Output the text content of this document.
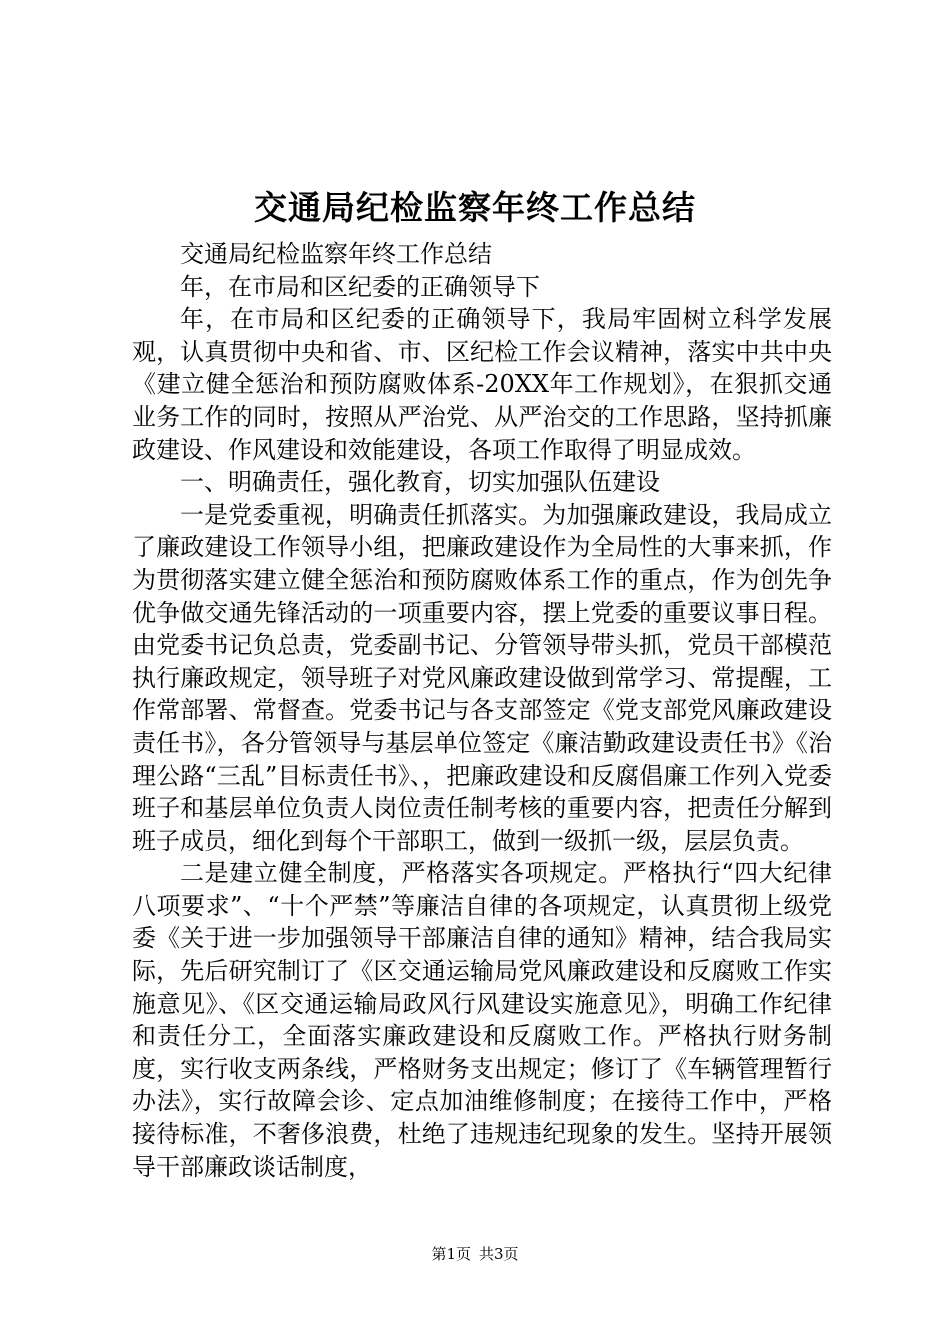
交通局纪检监察年终工作总结

交通局纪检监察年终工作总结

年，在市局和区纪委的正确领导下

年，在市局和区纪委的正确领导下，我局牢固树立科学发展观，认真贯彻中央和省、市、区纪检工作会议精神，落实中共中央《建立健全惩治和预防腐败体系-20XX年工作规划》，在狠抓交通业务工作的同时，按照从严治党、从严治交的工作思路，坚持抓廉政建设、作风建设和效能建设，各项工作取得了明显成效。

一、明确责任，强化教育，切实加强队伍建设

一是党委重视，明确责任抓落实。为加强廉政建设，我局成立了廉政建设工作领导小组，把廉政建设作为全局性的大事来抓，作为贯彻落实建立健全惩治和预防腐败体系工作的重点，作为创先争优争做交通先锋活动的一项重要内容，摆上党委的重要议事日程。由党委书记负总责，党委副书记、分管领导带头抓，党员干部模范执行廉政规定，领导班子对党风廉政建设做到常学习、常提醒，工作常部署、常督查。党委书记与各支部签定《党支部党风廉政建设责任书》，各分管领导与基层单位签定《廉洁勤政建设责任书》《治理公路“三乱”目标责任书》、，把廉政建设和反腐倡廉工作列入党委班子和基层单位负责人岗位责任制考核的重要内容，把责任分解到班子成员，细化到每个干部职工，做到一级抓一级，层层负责。

二是建立健全制度，严格落实各项规定。严格执行“四大纪律八项要求”、“十个严禁”等廉洁自律的各项规定，认真贯彻上级党委《关于进一步加强领导干部廉洁自律的通知》精神，结合我局实际，先后研究制订了《区交通运输局党风廉政建设和反腐败工作实施意见》、《区交通运输局政风行风建设实施意见》，明确工作纪律和责任分工，全面落实廉政建设和反腐败工作。严格执行财务制度，实行收支两条线，严格财务支出规定；修订了《车辆管理暂行办法》，实行故障会诊、定点加油维修制度；在接待工作中，严格接待标准，不奢侈浪费，杜绝了违规违纪现象的发生。坚持开展领导干部廉政谈话制度，

第1页 共3页
